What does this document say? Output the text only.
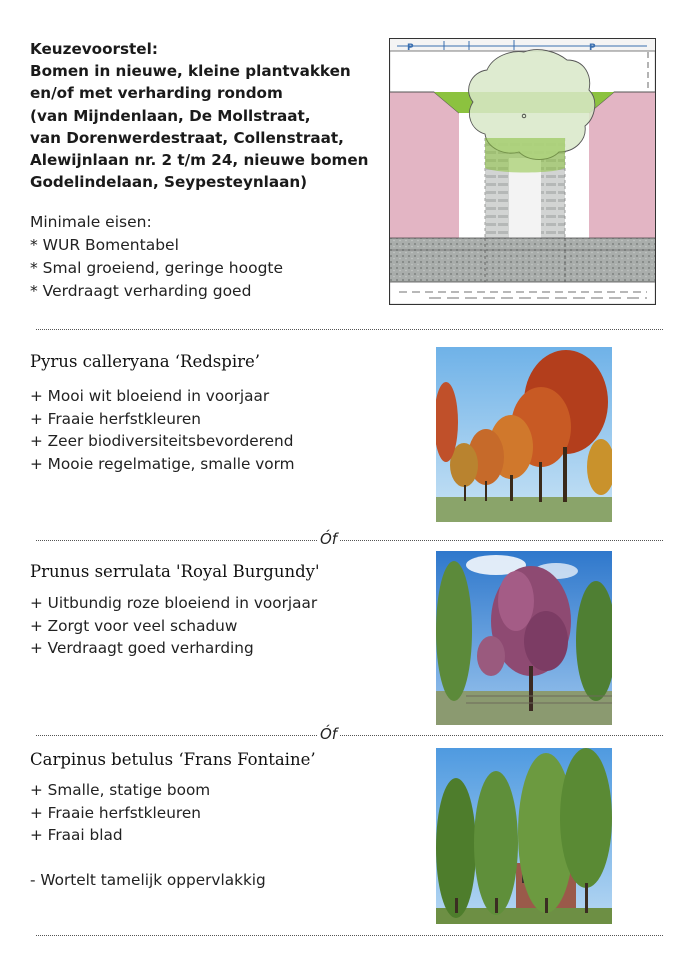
Keuzevoorstel:
Bomen in nieuwe, kleine plantvakken
en/of met verharding rondom
(van Mijndenlaan, De Mollstraat,
van Dorenwerdestraat, Collenstraat,
Alewijnlaan nr. 2 t/m 24, nieuwe bomen
Godelindelaan, Seypesteynlaan)
Minimale eisen:
* WUR Bomentabel
* Smal groeiend, geringe hoogte
* Verdraagt verharding goed
P	P
Pyrus calleryana ‘Redspire’
+ Mooi wit bloeiend in voorjaar
+ Fraaie herfstkleuren
+ Zeer biodiversiteitsbevorderend
+ Mooie regelmatige, smalle vorm
Óf
Prunus serrulata 'Royal Burgundy'
+ Uitbundig roze bloeiend in voorjaar
+ Zorgt voor veel schaduw
+ Verdraagt goed verharding
Óf
Carpinus betulus ‘Frans Fontaine’
+ Smalle, statige boom
+ Fraaie herfstkleuren
+ Fraai blad
- Wortelt tamelijk oppervlakkig
